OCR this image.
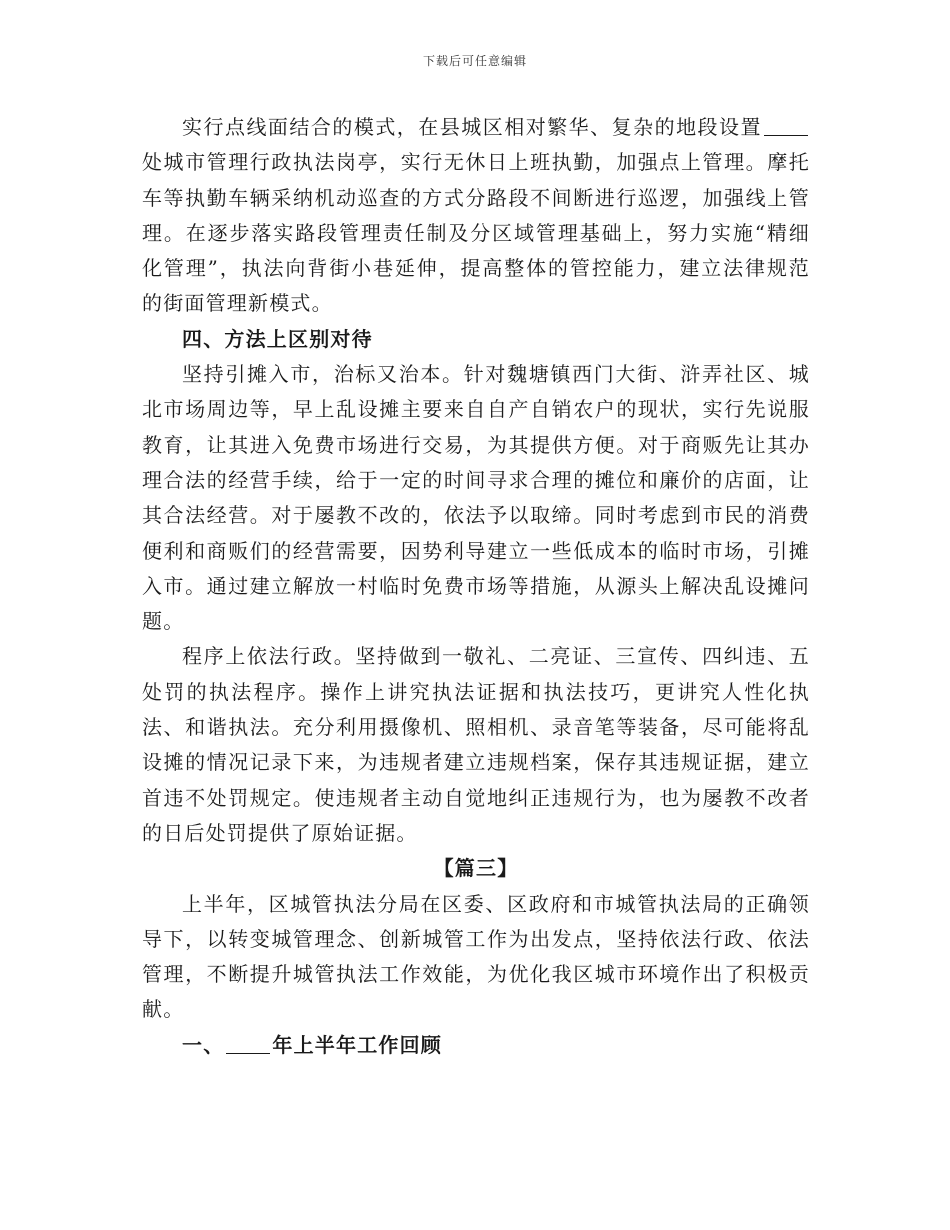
下载后可任意编辑

实行点线面结合的模式，在县城区相对繁华、复杂的地段设置处城市管理行政执法岗亭，实行无休日上班执勤，加强点上管理。摩托车等执勤车辆采纳机动巡查的方式分路段不间断进行巡逻，加强线上管理。在逐步落实路段管理责任制及分区域管理基础上，努力实施“精细化管理”，执法向背街小巷延伸，提高整体的管控能力，建立法律规范的街面管理新模式。

四、方法上区别对待

坚持引摊入市，治标又治本。针对魏塘镇西门大街、浒弄社区、城北市场周边等，早上乱设摊主要来自自产自销农户的现状，实行先说服教育，让其进入免费市场进行交易，为其提供方便。对于商贩先让其办理合法的经营手续，给于一定的时间寻求合理的摊位和廉价的店面，让其合法经营。对于屡教不改的，依法予以取缔。同时考虑到市民的消费便利和商贩们的经营需要，因势利导建立一些低成本的临时市场，引摊入市。通过建立解放一村临时免费市场等措施，从源头上解决乱设摊问题。

程序上依法行政。坚持做到一敬礼、二亮证、三宣传、四纠违、五处罚的执法程序。操作上讲究执法证据和执法技巧，更讲究人性化执法、和谐执法。充分利用摄像机、照相机、录音笔等装备，尽可能将乱设摊的情况记录下来，为违规者建立违规档案，保存其违规证据，建立首违不处罚规定。使违规者主动自觉地纠正违规行为，也为屡教不改者的日后处罚提供了原始证据。

【篇三】

上半年，区城管执法分局在区委、区政府和市城管执法局的正确领导下，以转变城管理念、创新城管工作为出发点，坚持依法行政、依法管理，不断提升城管执法工作效能，为优化我区城市环境作出了积极贡献。

一、 年上半年工作回顾
